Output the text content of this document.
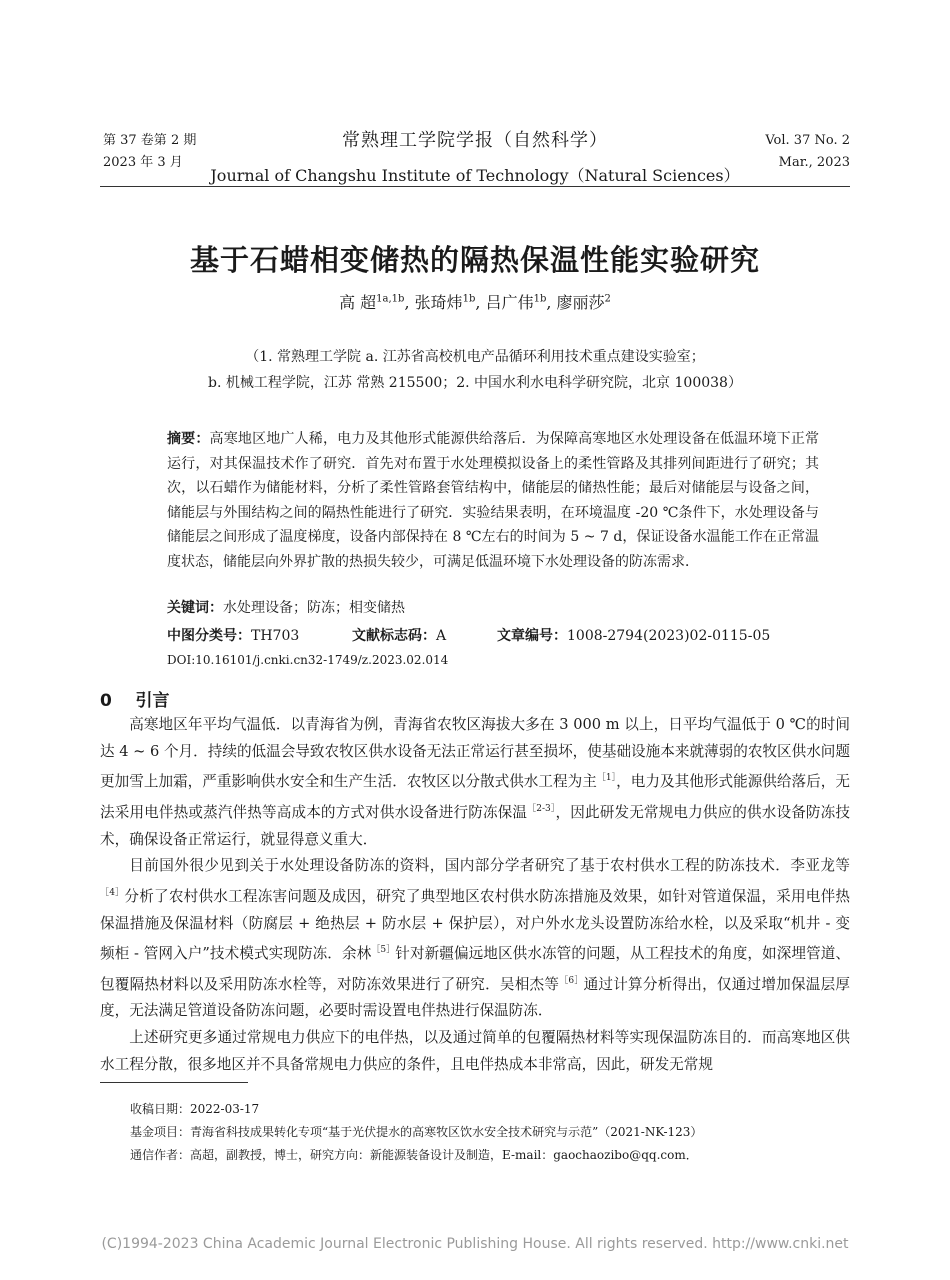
第 37 卷第 2 期
2023 年 3 月
常熟理工学院学报（自然科学）
Journal of Changshu Institute of Technology（Natural Sciences）
Vol. 37 No. 2
Mar., 2023
基于石蜡相变储热的隔热保温性能实验研究
高 超$^{1a,1b}$, 张琦炜$^{1b}$, 吕广伟$^{1b}$, 廖丽莎$^2$
（1. 常熟理工学院 a. 江苏省高校机电产品循环利用技术重点建设实验室；
b. 机械工程学院，江苏 常熟 215500；2. 中国水利水电科学研究院，北京 100038）
摘要：高寒地区地广人稀，电力及其他形式能源供给落后．为保障高寒地区水处理设备在低温环境下正常运行，对其保温技术作了研究．首先对布置于水处理模拟设备上的柔性管路及其排列间距进行了研究；其次，以石蜡作为储能材料，分析了柔性管路套管结构中，储能层的储热性能；最后对储能层与设备之间，储能层与外围结构之间的隔热性能进行了研究．实验结果表明，在环境温度 -20 ℃条件下，水处理设备与储能层之间形成了温度梯度，设备内部保持在 8 ℃左右的时间为 5 ~ 7 d，保证设备水温能工作在正常温度状态，储能层向外界扩散的热损失较少，可满足低温环境下水处理设备的防冻需求．
关键词：水处理设备；防冻；相变储热
中图分类号：TH703	文献标志码：A	文章编号：1008-2794(2023)02-0115-05
DOI:10.16101/j.cnki.cn32-1749/z.2023.02.014
0 引言

高寒地区年平均气温低．以青海省为例，青海省农牧区海拔大多在 3 000 m 以上，日平均气温低于 0 ℃的时间达 4 ~ 6 个月．持续的低温会导致农牧区供水设备无法正常运行甚至损坏，使基础设施本来就薄弱的农牧区供水问题更加雪上加霜，严重影响供水安全和生产生活．农牧区以分散式供水工程为主$^{[1]}$，电力及其他形式能源供给落后，无法采用电伴热或蒸汽伴热等高成本的方式对供水设备进行防冻保温$^{[2-3]}$，因此研发无常规电力供应的供水设备防冻技术，确保设备正常运行，就显得意义重大．

目前国外很少见到关于水处理设备防冻的资料，国内部分学者研究了基于农村供水工程的防冻技术．李亚龙等$^{[4]}$分析了农村供水工程冻害问题及成因，研究了典型地区农村供水防冻措施及效果，如针对管道保温，采用电伴热保温措施及保温材料（防腐层 + 绝热层 + 防水层 + 保护层），对户外水龙头设置防冻给水栓，以及采取“机井 - 变频柜 - 管网入户”技术模式实现防冻．余林$^{[5]}$针对新疆偏远地区供水冻管的问题，从工程技术的角度，如深埋管道、包覆隔热材料以及采用防冻水栓等，对防冻效果进行了研究．吴相杰等$^{[6]}$通过计算分析得出，仅通过增加保温层厚度，无法满足管道设备防冻问题，必要时需设置电伴热进行保温防冻．

上述研究更多通过常规电力供应下的电伴热，以及通过简单的包覆隔热材料等实现保温防冻目的．而高寒地区供水工程分散，很多地区并不具备常规电力供应的条件，且电伴热成本非常高，因此，研发无常规

收稿日期：2022-03-17
基金项目：青海省科技成果转化专项“基于光伏提水的高寒牧区饮水安全技术研究与示范”（2021-NK-123）
通信作者：高超，副教授，博士，研究方向：新能源装备设计及制造，E-mail：gaochaozibo@qq.com．
(C)1994-2023 China Academic Journal Electronic Publishing House. All rights reserved. http://www.cnki.net
